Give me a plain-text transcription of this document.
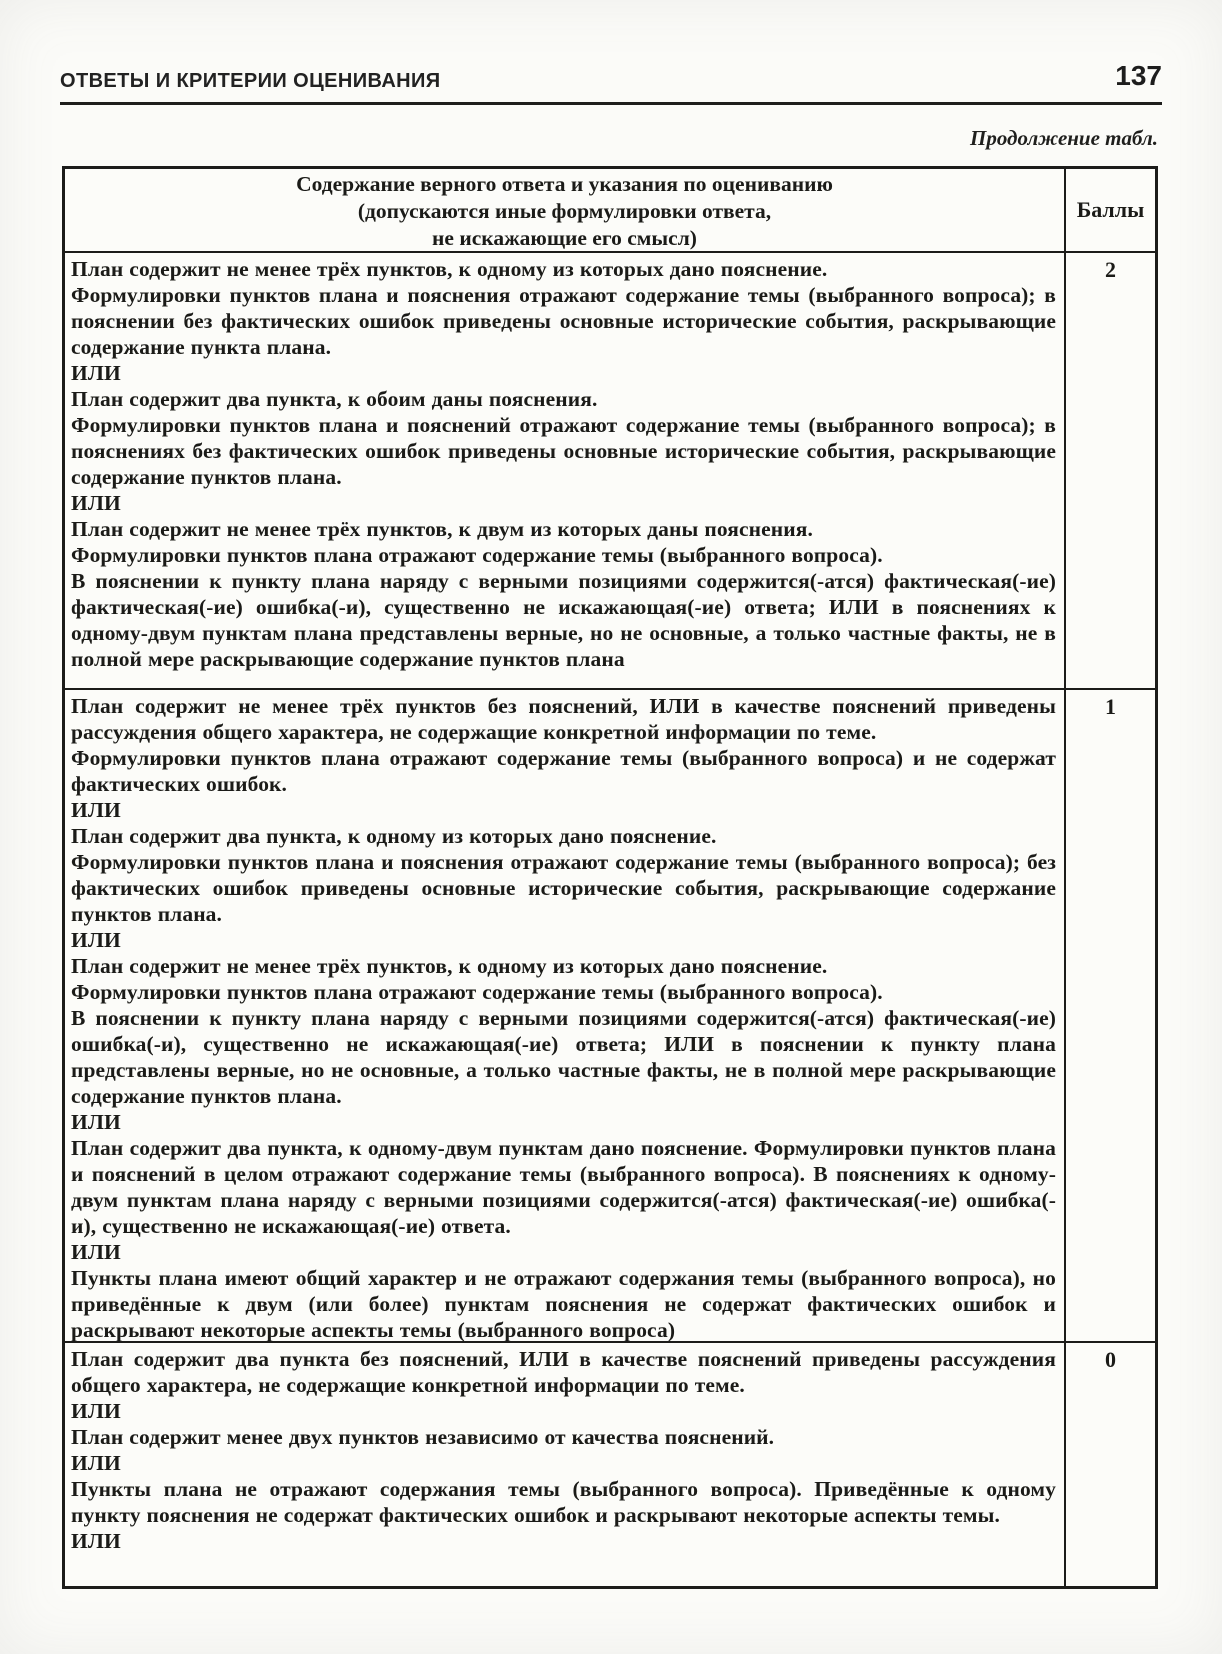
ОТВЕТЫ И КРИТЕРИИ ОЦЕНИВАНИЯ	137
Продолжение табл.
Содержание верного ответа и указания по оцениванию
(допускаются иные формулировки ответа,
не искажающие его смысл)
Баллы
План содержит не менее трёх пунктов, к одному из которых дано пояснение.
Формулировки пунктов плана и пояснения отражают содержание темы (выбранного вопроса); в пояснении без фактических ошибок приведены основные исторические события, раскрывающие содержание пункта плана.
ИЛИ
План содержит два пункта, к обоим даны пояснения.
Формулировки пунктов плана и пояснений отражают содержание темы (выбранного вопроса); в пояснениях без фактических ошибок приведены основные исторические события, раскрывающие содержание пунктов плана.
ИЛИ
План содержит не менее трёх пунктов, к двум из которых даны пояснения.
Формулировки пунктов плана отражают содержание темы (выбранного вопроса).
В пояснении к пункту плана наряду с верными позициями содержится(-атся) фактическая(-ие) фактическая(-ие) ошибка(-и), существенно не искажающая(-ие) ответа; ИЛИ в пояснениях к одному-двум пунктам плана представлены верные, но не основные, а только частные факты, не в полной мере раскрывающие содержание пунктов плана
2
План содержит не менее трёх пунктов без пояснений, ИЛИ в качестве пояснений приведены рассуждения общего характера, не содержащие конкретной информации по теме.
Формулировки пунктов плана отражают содержание темы (выбранного вопроса) и не содержат фактических ошибок.
ИЛИ
План содержит два пункта, к одному из которых дано пояснение.
Формулировки пунктов плана и пояснения отражают содержание темы (выбранного вопроса); без фактических ошибок приведены основные исторические события, раскрывающие содержание пунктов плана.
ИЛИ
План содержит не менее трёх пунктов, к одному из которых дано пояснение.
Формулировки пунктов плана отражают содержание темы (выбранного вопроса).
В пояснении к пункту плана наряду с верными позициями содержится(-атся) фактическая(-ие) ошибка(-и), существенно не искажающая(-ие) ответа; ИЛИ в пояснении к пункту плана представлены верные, но не основные, а только частные факты, не в полной мере раскрывающие содержание пунктов плана.
ИЛИ
План содержит два пункта, к одному-двум пунктам дано пояснение. Формулировки пунктов плана и пояснений в целом отражают содержание темы (выбранного вопроса). В пояснениях к одному-двум пунктам плана наряду с верными позициями содержится(-атся) фактическая(-ие) ошибка(-и), существенно не искажающая(-ие) ответа.
ИЛИ
Пункты плана имеют общий характер и не отражают содержания темы (выбранного вопроса), но приведённые к двум (или более) пунктам пояснения не содержат фактических ошибок и раскрывают некоторые аспекты темы (выбранного вопроса)
1
План содержит два пункта без пояснений, ИЛИ в качестве пояснений приведены рассуждения общего характера, не содержащие конкретной информации по теме.
ИЛИ
План содержит менее двух пунктов независимо от качества пояснений.
ИЛИ
Пункты плана не отражают содержания темы (выбранного вопроса). Приведённые к одному пункту пояснения не содержат фактических ошибок и раскрывают некоторые аспекты темы.
ИЛИ
0
